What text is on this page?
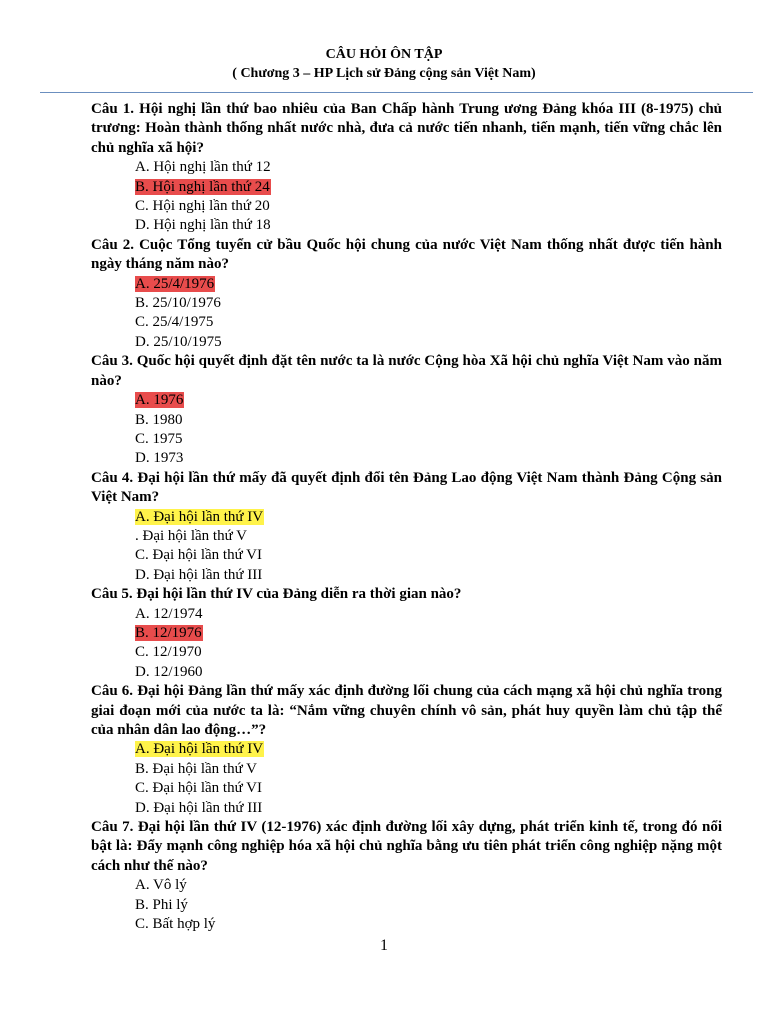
CÂU HỎI ÔN TẬP
( Chương 3 – HP Lịch sử Đảng cộng sản Việt Nam)

Câu 1. Hội nghị lần thứ bao nhiêu của Ban Chấp hành Trung ương Đảng khóa III (8-1975) chủ trương: Hoàn thành thống nhất nước nhà, đưa cả nước tiến nhanh, tiến mạnh, tiến vững chắc lên chủ nghĩa xã hội?

A. Hội nghị lần thứ 12

B. Hội nghị lần thứ 24

C. Hội nghị lần thứ 20

D. Hội nghị lần thứ 18

Câu 2. Cuộc Tổng tuyển cử bầu Quốc hội chung của nước Việt Nam thống nhất được tiến hành ngày tháng năm nào?

A. 25/4/1976

B. 25/10/1976

C. 25/4/1975

D. 25/10/1975

Câu 3. Quốc hội quyết định đặt tên nước ta là nước Cộng hòa Xã hội chủ nghĩa Việt Nam vào năm nào?

A. 1976

B. 1980

C. 1975

D. 1973

Câu 4. Đại hội lần thứ mấy đã quyết định đổi tên Đảng Lao động Việt Nam thành Đảng Cộng sản Việt Nam?

A. Đại hội lần thứ IV

. Đại hội lần thứ V

C. Đại hội lần thứ VI

D. Đại hội lần thứ III

Câu 5. Đại hội lần thứ IV của Đảng diễn ra thời gian nào?

A. 12/1974

B. 12/1976

C. 12/1970

D. 12/1960

Câu 6. Đại hội Đảng lần thứ mấy xác định đường lối chung của cách mạng xã hội chủ nghĩa trong giai đoạn mới của nước ta là: “Nắm vững chuyên chính vô sản, phát huy quyền làm chủ tập thể của nhân dân lao động…”?

A. Đại hội lần thứ IV

B. Đại hội lần thứ V

C. Đại hội lần thứ VI

D. Đại hội lần thứ III

Câu 7. Đại hội lần thứ IV (12-1976) xác định đường lối xây dựng, phát triển kinh tế, trong đó nổi bật là: Đẩy mạnh công nghiệp hóa xã hội chủ nghĩa bằng ưu tiên phát triển công nghiệp nặng một cách như thế nào?

A. Vô lý

B. Phi lý

C. Bất hợp lý

1
